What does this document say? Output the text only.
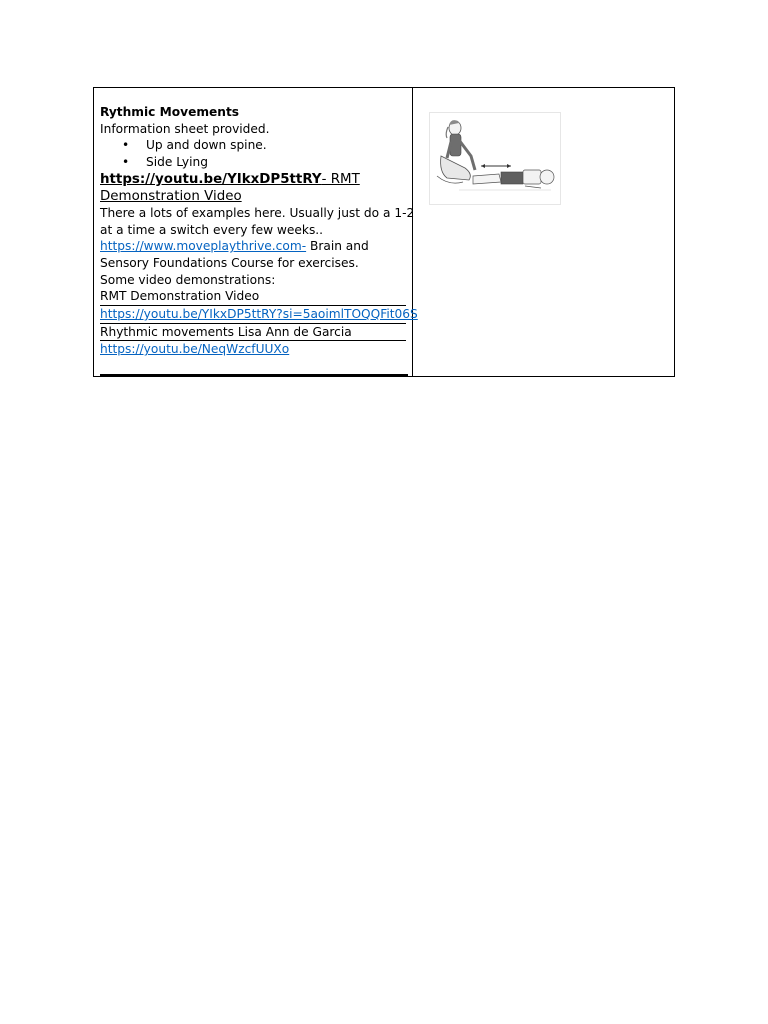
Rythmic Movements
Information sheet provided.
• Up and down spine.
• Side Lying
https://youtu.be/YIkxDP5ttRY- RMT
Demonstration Video
There a lots of examples here. Usually just do a 1-2
at a time a switch every few weeks..
https://www.moveplaythrive.com- Brain and
Sensory Foundations Course for exercises.
Some video demonstrations:
RMT Demonstration Video
https://youtu.be/YIkxDP5ttRY?si=5aoimlTOQQFit06S
Rhythmic movements Lisa Ann de Garcia
https://youtu.be/NeqWzcfUUXo
